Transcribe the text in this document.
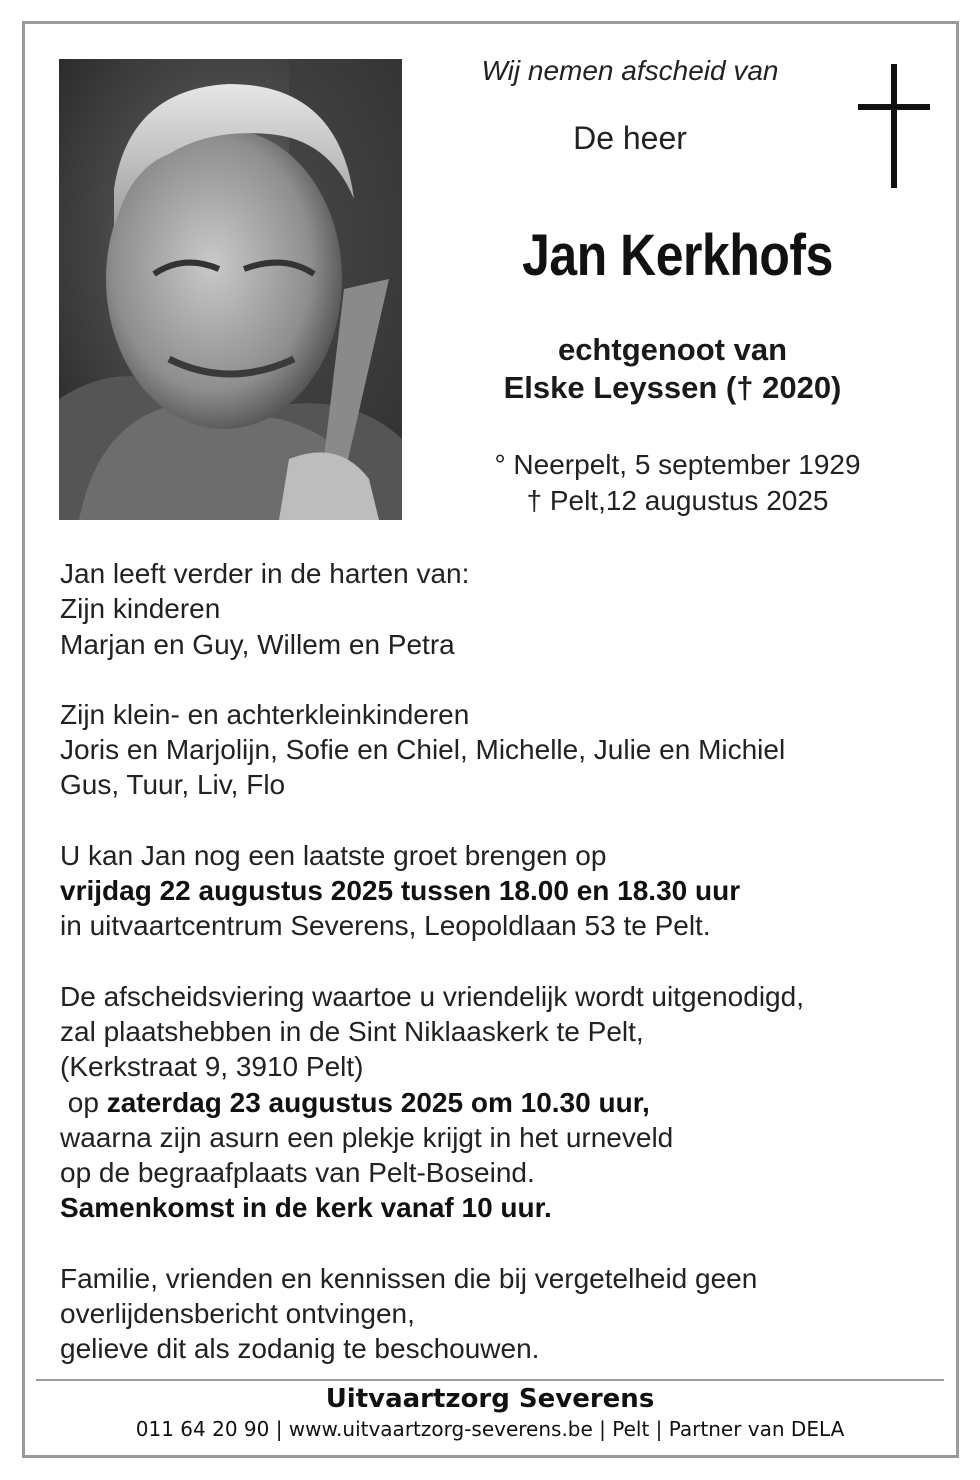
Wij nemen afscheid van
De heer
Jan Kerkhofs
echtgenoot van
Elske Leyssen († 2020)
° Neerpelt, 5 september 1929
† Pelt,12 augustus 2025

Jan leeft verder in de harten van:

Zijn kinderen

Marjan en Guy, Willem en Petra

Zijn klein- en achterkleinkinderen

Joris en Marjolijn, Sofie en Chiel, Michelle, Julie en Michiel

Gus, Tuur, Liv, Flo

U kan Jan nog een laatste groet brengen op

vrijdag 22 augustus 2025 tussen 18.00 en 18.30 uur

in uitvaartcentrum Severens, Leopoldlaan 53 te Pelt.

De afscheidsviering waartoe u vriendelijk wordt uitgenodigd,

zal plaatshebben in de Sint Niklaaskerk te Pelt,

(Kerkstraat 9, 3910 Pelt)

op zaterdag 23 augustus 2025 om 10.30 uur,

waarna zijn asurn een plekje krijgt in het urneveld

op de begraafplaats van Pelt-Boseind.

Samenkomst in de kerk vanaf 10 uur.

Familie, vrienden en kennissen die bij vergetelheid geen

overlijdensbericht ontvingen,

gelieve dit als zodanig te beschouwen.

Uitvaartzorg Severens
011 64 20 90 | www.uitvaartzorg-severens.be | Pelt | Partner van DELA
